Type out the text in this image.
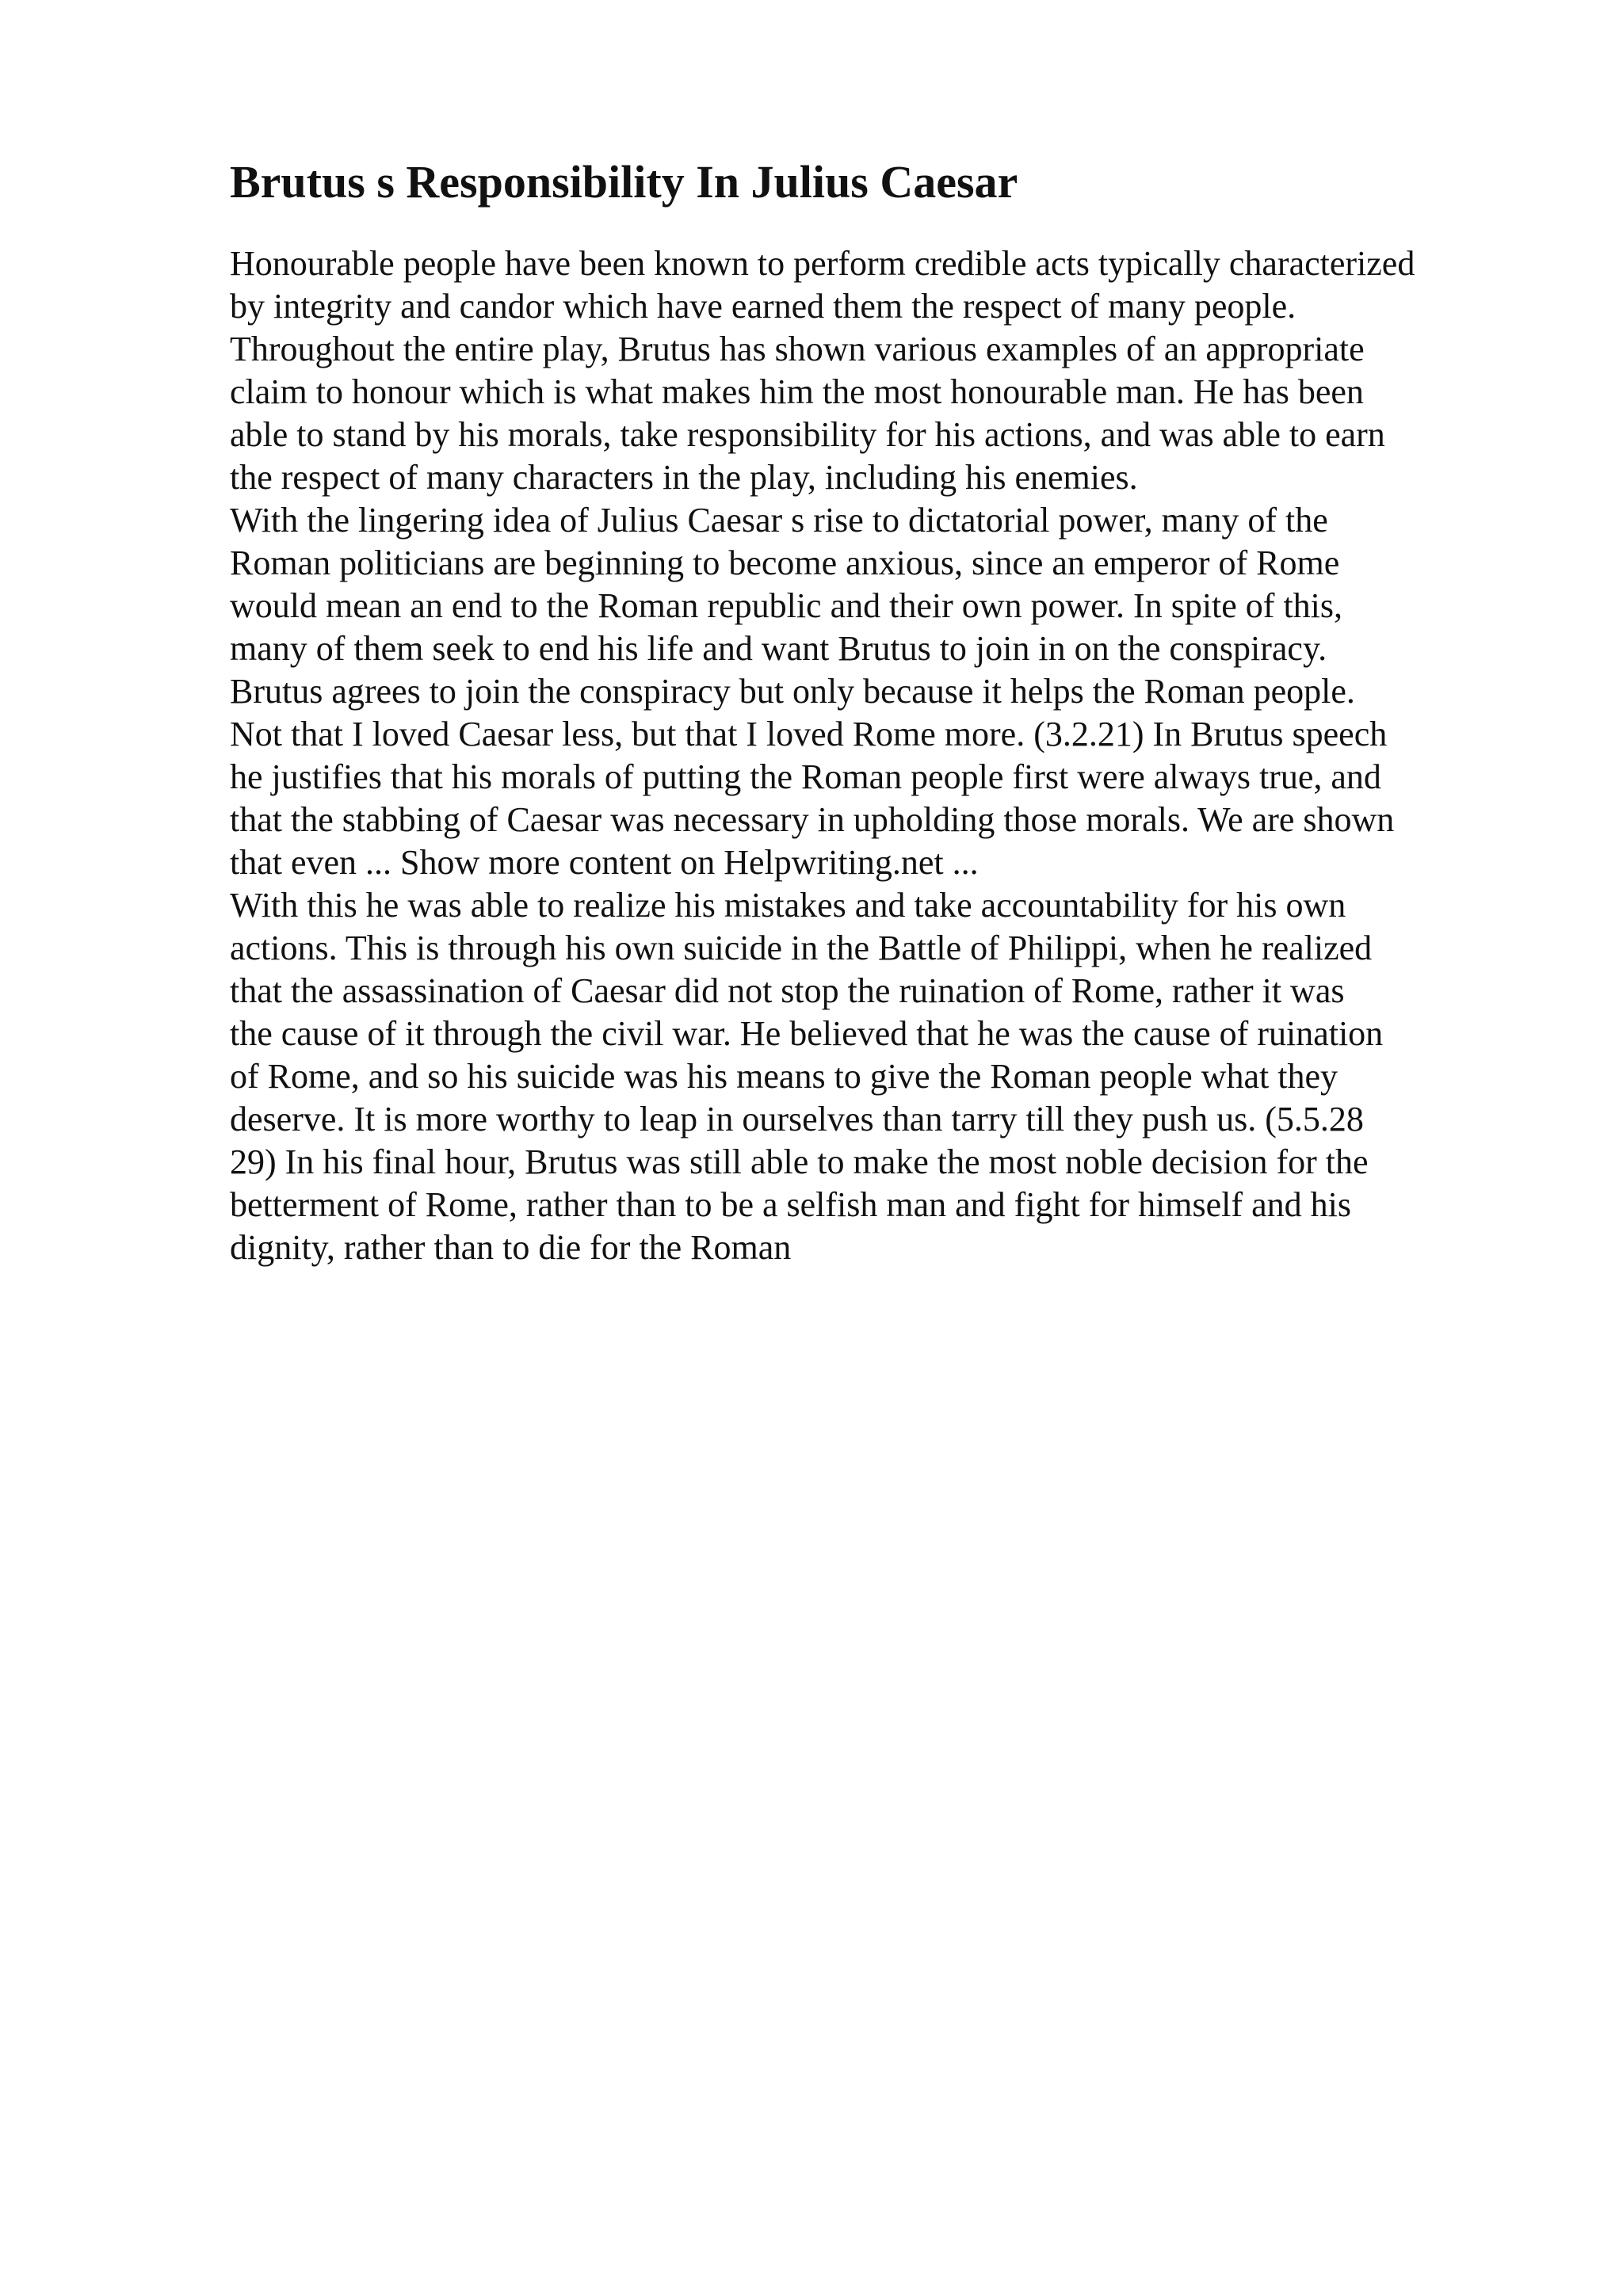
Brutus s Responsibility In Julius Caesar
Honourable people have been known to perform credible acts typically characterized
by integrity and candor which have earned them the respect of many people.
Throughout the entire play, Brutus has shown various examples of an appropriate
claim to honour which is what makes him the most honourable man. He has been
able to stand by his morals, take responsibility for his actions, and was able to earn
the respect of many characters in the play, including his enemies.
With the lingering idea of Julius Caesar s rise to dictatorial power, many of the
Roman politicians are beginning to become anxious, since an emperor of Rome
would mean an end to the Roman republic and their own power. In spite of this,
many of them seek to end his life and want Brutus to join in on the conspiracy.
Brutus agrees to join the conspiracy but only because it helps the Roman people.
Not that I loved Caesar less, but that I loved Rome more. (3.2.21) In Brutus speech
he justifies that his morals of putting the Roman people first were always true, and
that the stabbing of Caesar was necessary in upholding those morals. We are shown
that even ... Show more content on Helpwriting.net ...
With this he was able to realize his mistakes and take accountability for his own
actions. This is through his own suicide in the Battle of Philippi, when he realized
that the assassination of Caesar did not stop the ruination of Rome, rather it was
the cause of it through the civil war. He believed that he was the cause of ruination
of Rome, and so his suicide was his means to give the Roman people what they
deserve. It is more worthy to leap in ourselves than tarry till they push us. (5.5.28
29) In his final hour, Brutus was still able to make the most noble decision for the
betterment of Rome, rather than to be a selfish man and fight for himself and his
dignity, rather than to die for the Roman
